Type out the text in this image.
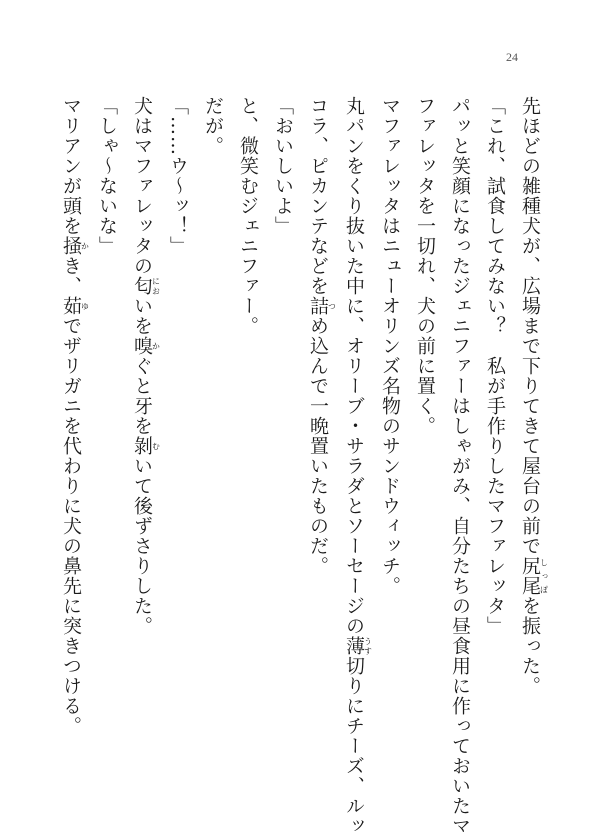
24
先ほどの雑種犬が、広場まで下りてきて屋台の前で尻尾しっぽを振った。
「これ、試食してみない？　私が手作りしたマファレッタ」
パッと笑顔になったジェニファーはしゃがみ、自分たちの昼食用に作っておいたマ
ファレッタを一切れ、犬の前に置く。
マファレッタはニューオリンズ名物のサンドウィッチ。
丸パンをくり抜いた中に、オリーブ・サラダとソーセージの薄うす切りにチーズ、ルッ
コラ、ピカンテなどを詰つめ込んで一晩置いたものだ。
「おいしいよ」
と、微笑むジェニファー。
だが。
「……ウ～ッ！」
犬はマファレッタの匂においを嗅かぐと牙を剝むいて後ずさりした。
「しゃ～ないな」
マリアンが頭を掻かき、茹ゆでザリガニを代わりに犬の鼻先に突きつける。
